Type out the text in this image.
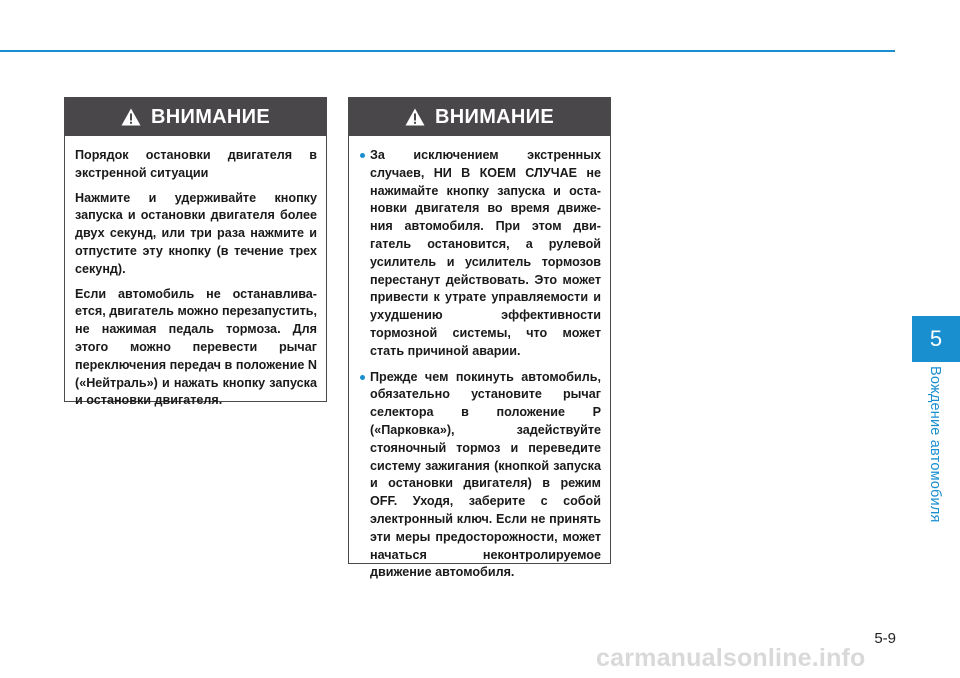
ВНИМАНИЕ

Порядок остановки двигателя в экстренной ситуации

Нажмите и удерживайте кнопку запуска и остановки двигателя более двух секунд, или три раза нажмите и отпустите эту кнопку (в течение трех секунд).

Если автомобиль не останавливается, двигатель можно перезапустить, не нажимая педаль тормоза. Для этого можно перевести рычаг переключения передач в положение N («Нейтраль») и нажать кнопку запуска и остановки двигателя.

ВНИМАНИЕ
За исключением экстренных случаев, НИ В КОЕМ СЛУЧАЕ не нажимайте кнопку запуска и остановки двигателя во время движения автомобиля. При этом двигатель остановится, а рулевой усилитель и усилитель тормозов перестанут действовать. Это может привести к утрате управляемости и ухудшению эффективности тормозной системы, что может стать причиной аварии.
Прежде чем покинуть автомобиль, обязательно установите рычаг селектора в положение P («Парковка»), задействуйте стояночный тормоз и переведите систему зажигания (кнопкой запуска и остановки двигателя) в режим OFF. Уходя, заберите с собой электронный ключ. Если не принять эти меры предосторожности, может начаться неконтролируемое движение автомобиля.
5
Вождение автомобиля
5-9
carmanualsonline.info
